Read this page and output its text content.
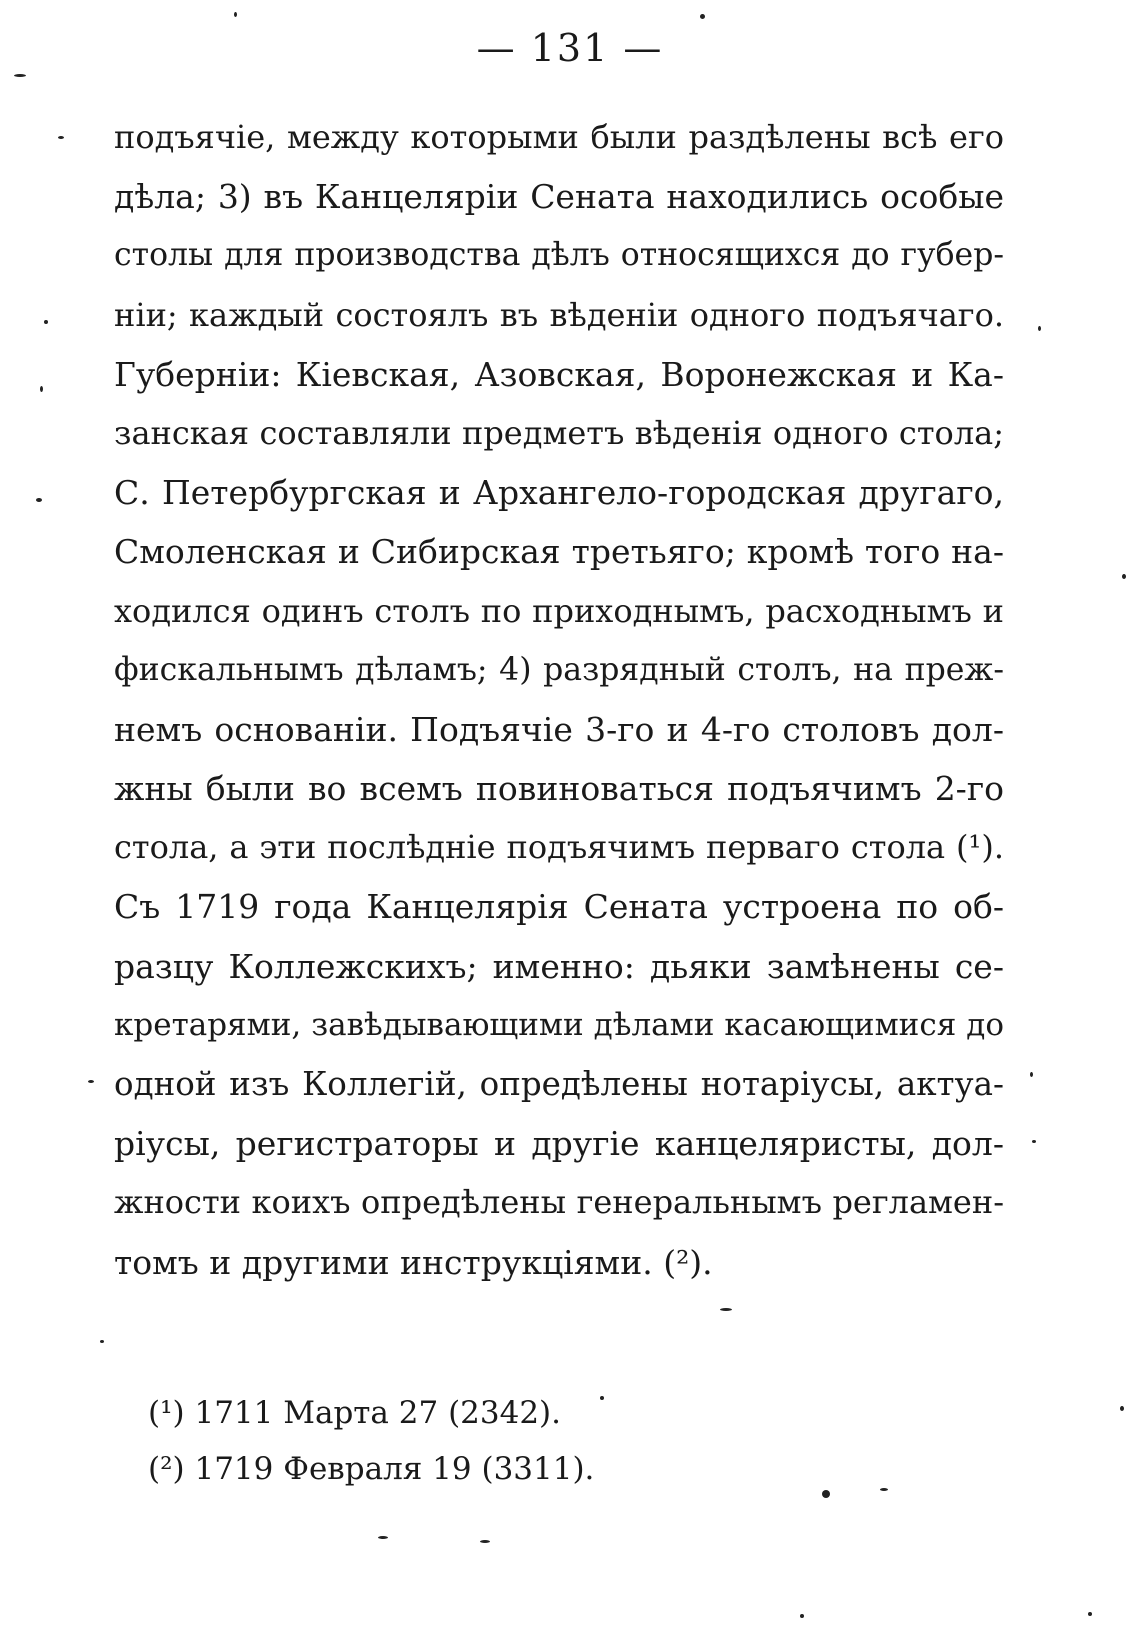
— 131 —
подъячіе, между которыми были раздѣлены всѣ его
дѣла; 3) въ Канцеляріи Сената находились особые
столы для производства дѣлъ относящихся до губер-
ніи; каждый состоялъ въ вѣденіи одного подъячаго.
Губерніи: Кіевская, Азовская, Воронежская и Ка-
занская составляли предметъ вѣденія одного стола;
С. Петербургская и Архангело-городская другаго,
Смоленская и Сибирская третьяго; кромѣ того на-
ходился одинъ столъ по приходнымъ, расходнымъ и
фискальнымъ дѣламъ; 4) разрядный столъ, на преж-
немъ основаніи. Подъячіе 3-го и 4-го столовъ дол-
жны были во всемъ повиноваться подъячимъ 2-го
стола, а эти послѣдніе подъячимъ перваго стола (¹).
Съ 1719 года Канцелярія Сената устроена по об-
разцу Коллежскихъ; именно: дьяки замѣнены се-
кретарями, завѣдывающими дѣлами касающимися до
одной изъ Коллегій, опредѣлены нотаріусы, актуа-
ріусы, регистраторы и другіе канцеляристы, дол-
жности коихъ опредѣлены генеральнымъ регламен-
томъ и другими инструкціями. (²).
(¹) 1711 Марта 27 (2342).
(²) 1719 Февраля 19 (3311).
